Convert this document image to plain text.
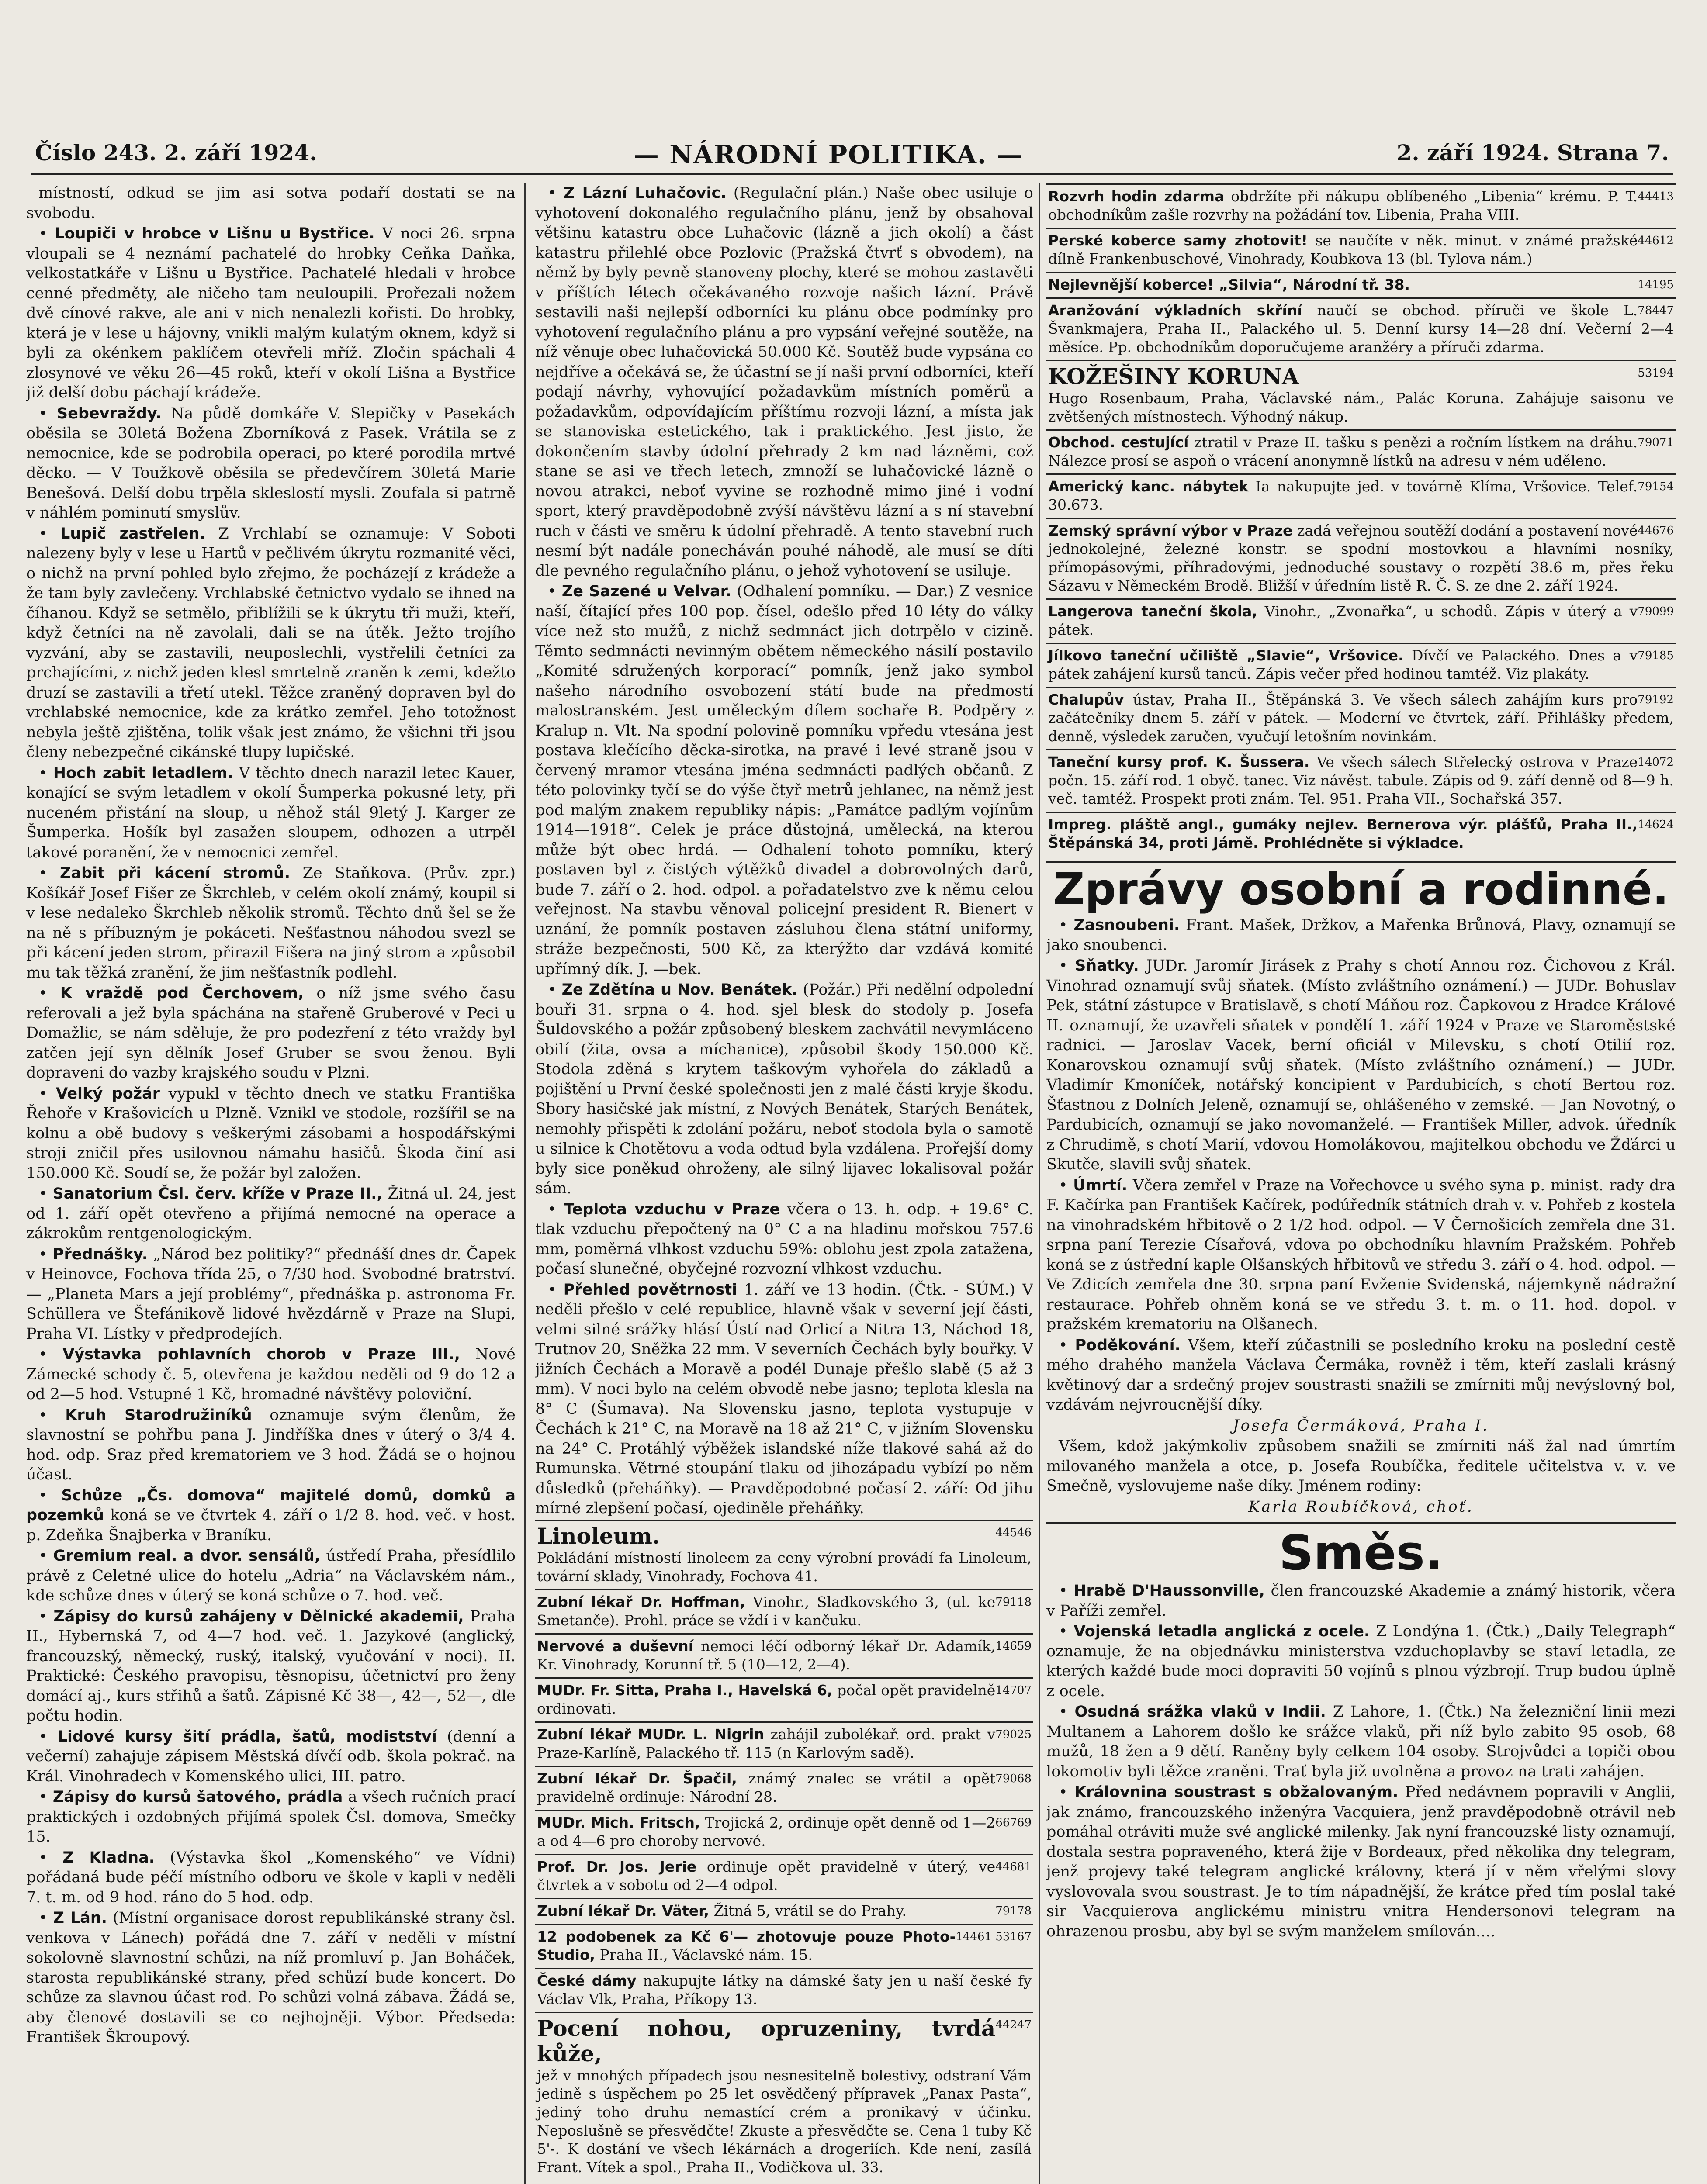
Číslo 243. 2. září 1924.	— NÁRODNÍ POLITIKA. —	2. září 1924. Strana 7.

místností, odkud se jim asi sotva podaří dostati se na svobodu.

• Loupiči v hrobce v Lišnu u Bystřice. V noci 26. srpna vloupali se 4 neznámí pachatelé do hrobky Ceňka Daňka, velkostatkáře v Lišnu u Bystřice. Pachatelé hledali v hrobce cenné předměty, ale ničeho tam neuloupili. Prořezali nožem dvě cínové rakve, ale ani v nich nenalezli kořisti. Do hrobky, která je v lese u hájovny, vnikli malým kulatým oknem, když si byli za okénkem paklíčem otevřeli mříž. Zločin spáchali 4 zlosynové ve věku 26—45 roků, kteří v okolí Lišna a Bystřice již delší dobu páchají krádeže.

• Sebevraždy. Na půdě domkáře V. Slepičky v Pasekách oběsila se 30letá Božena Zborníková z Pasek. Vrátila se z nemocnice, kde se podrobila operaci, po které porodila mrtvé děcko. — V Toužkově oběsila se předevčírem 30letá Marie Benešová. Delší dobu trpěla skleslostí mysli. Zoufala si patrně v náhlém pominutí smyslův.

• Lupič zastřelen. Z Vrchlabí se oznamuje: V Soboti nalezeny byly v lese u Hartů v pečlivém úkrytu rozmanité věci, o nichž na první pohled bylo zřejmo, že pocházejí z krádeže a že tam byly zavlečeny. Vrchlabské četnictvo vydalo se ihned na číhanou. Když se setmělo, přiblížili se k úkrytu tři muži, kteří, když četníci na ně zavolali, dali se na útěk. Ježto trojího vyzvání, aby se zastavili, neuposlechli, vystřelili četníci za prchajícími, z nichž jeden klesl smrtelně zraněn k zemi, kdežto druzí se zastavili a třetí utekl. Těžce zraněný dopraven byl do vrchlabské nemocnice, kde za krátko zemřel. Jeho totožnost nebyla ještě zjištěna, tolik však jest známo, že všichni tři jsou členy nebezpečné cikánské tlupy lupičské.

• Hoch zabit letadlem. V těchto dnech narazil letec Kauer, konající se svým letadlem v okolí Šumperka pokusné lety, při nuceném přistání na sloup, u něhož stál 9letý J. Karger ze Šumperka. Hošík byl zasažen sloupem, odhozen a utrpěl takové poranění, že v nemocnici zemřel.

• Zabit při kácení stromů. Ze Staňkova. (Prův. zpr.) Košíkář Josef Fišer ze Škrchleb, v celém okolí známý, koupil si v lese nedaleko Škrchleb několik stromů. Těchto dnů šel se že na ně s příbuzným je pokáceti. Nešťastnou náhodou svezl se při kácení jeden strom, přirazil Fišera na jiný strom a způsobil mu tak těžká zranění, že jim nešťastník podlehl.

• K vraždě pod Čerchovem, o níž jsme svého času referovali a jež byla spáchána na stařeně Gruberové v Peci u Domažlic, se nám sděluje, že pro podezření z této vraždy byl zatčen její syn dělník Josef Gruber se svou ženou. Byli dopraveni do vazby krajského soudu v Plzni.

• Velký požár vypukl v těchto dnech ve statku Františka Řehoře v Krašovicích u Plzně. Vznikl ve stodole, rozšířil se na kolnu a obě budovy s veškerými zásobami a hospodářskými stroji zničil přes usilovnou námahu hasičů. Škoda činí asi 150.000 Kč. Soudí se, že požár byl založen.

• Sanatorium Čsl. červ. kříže v Praze II., Žitná ul. 24, jest od 1. září opět otevřeno a přijímá nemocné na operace a zákrokům rentgenologickým.

• Přednášky. „Národ bez politiky?“ přednáší dnes dr. Čapek v Heinovce, Fochova třída 25, o 7/30 hod. Svobodné bratrství. — „Planeta Mars a její problémy“, přednáška p. astronoma Fr. Schüllera ve Štefánikově lidové hvězdárně v Praze na Slupi, Praha VI. Lístky v předprodejích.

• Výstavka pohlavních chorob v Praze III., Nové Zámecké schody č. 5, otevřena je každou neděli od 9 do 12 a od 2—5 hod. Vstupné 1 Kč, hromadné návštěvy poloviční.

• Kruh Starodružiníků oznamuje svým členům, že slavnostní se pohřbu pana J. Jindříška dnes v úterý o 3/4 4. hod. odp. Sraz před krematoriem ve 3 hod. Žádá se o hojnou účast.

• Schůze „Čs. domova“ majitelé domů, domků a pozemků koná se ve čtvrtek 4. září o 1/2 8. hod. več. v host. p. Zdeňka Šnajberka v Braníku.

• Gremium real. a dvor. sensálů, ústředí Praha, přesídlilo právě z Celetné ulice do hotelu „Adria“ na Václavském nám., kde schůze dnes v úterý se koná schůze o 7. hod. več.

• Zápisy do kursů zahájeny v Dělnické akademii, Praha II., Hybernská 7, od 4—7 hod. več. 1. Jazykové (anglický, francouzský, německý, ruský, italský, vyučování v noci). II. Praktické: Českého pravopisu, těsnopisu, účetnictví pro ženy domácí aj., kurs střihů a šatů. Zápisné Kč 38—, 42—, 52—, dle počtu hodin.

• Lidové kursy šití prádla, šatů, modistství (denní a večerní) zahajuje zápisem Městská dívčí odb. škola pokrač. na Král. Vinohradech v Komenského ulici, III. patro.

• Zápisy do kursů šatového, prádla a všech ručních prací praktických i ozdobných přijímá spolek Čsl. domova, Smečky 15.

• Z Kladna. (Výstavka škol „Komenského“ ve Vídni) pořádaná bude péčí místního odboru ve škole v kapli v neděli 7. t. m. od 9 hod. ráno do 5 hod. odp.

• Z Lán. (Místní organisace dorost republikánské strany čsl. venkova v Lánech) pořádá dne 7. září v neděli v místní sokolovně slavnostní schůzi, na níž promluví p. Jan Boháček, starosta republikánské strany, před schůzí bude koncert. Do schůze za slavnou účast rod. Po schůzi volná zábava. Žádá se, aby členové dostavili se co nejhojněji. Výbor. Předseda: František Škroupový.

• Z Lázní Luhačovic. (Regulační plán.) Naše obec usiluje o vyhotovení dokonalého regulačního plánu, jenž by obsahoval většinu katastru obce Luhačovic (lázně a jich okolí) a část katastru přilehlé obce Pozlovic (Pražská čtvrť s obvodem), na němž by byly pevně stanoveny plochy, které se mohou zastavěti v příštích létech očekávaného rozvoje našich lázní. Právě sestavili naši nejlepší odborníci ku plánu obce podmínky pro vyhotovení regulačního plánu a pro vypsání veřejné soutěže, na níž věnuje obec luhačovická 50.000 Kč. Soutěž bude vypsána co nejdříve a očekává se, že účastní se jí naši první odborníci, kteří podají návrhy, vyhovující požadavkům místních poměrů a požadavkům, odpovídajícím příštímu rozvoji lázní, a místa jak se stanoviska estetického, tak i praktického. Jest jisto, že dokončením stavby údolní přehrady 2 km nad lázněmi, což stane se asi ve třech letech, zmnoží se luhačovické lázně o novou atrakci, neboť vyvine se rozhodně mimo jiné i vodní sport, který pravděpodobně zvýší návštěvu lázní a s ní stavební ruch v části ve směru k údolní přehradě. A tento stavební ruch nesmí být nadále ponecháván pouhé náhodě, ale musí se díti dle pevného regulačního plánu, o jehož vyhotovení se usiluje.

• Ze Sazené u Velvar. (Odhalení pomníku. — Dar.) Z vesnice naší, čítající přes 100 pop. čísel, odešlo před 10 léty do války více než sto mužů, z nichž sedmnáct jich dotrpělo v cizině. Těmto sedmnácti nevinným obětem německého násilí postavilo „Komité sdružených korporací“ pomník, jenž jako symbol našeho národního osvobození státí bude na předmostí malostranském. Jest uměleckým dílem sochaře B. Podpěry z Kralup n. Vlt. Na spodní polovině pomníku vpředu vtesána jest postava klečícího děcka-sirotka, na pravé i levé straně jsou v červený mramor vtesána jména sedmnácti padlých občanů. Z této polovinky tyčí se do výše čtyř metrů jehlanec, na němž jest pod malým znakem republiky nápis: „Památce padlým vojínům 1914—1918“. Celek je práce důstojná, umělecká, na kterou může být obec hrdá. — Odhalení tohoto pomníku, který postaven byl z čistých výtěžků divadel a dobrovolných darů, bude 7. září o 2. hod. odpol. a pořadatelstvo zve k němu celou veřejnost. Na stavbu věnoval policejní president R. Bienert v uznání, že pomník postaven zásluhou člena státní uniformy, stráže bezpečnosti, 500 Kč, za kterýžto dar vzdává komité upřímný dík. J. —bek.

• Ze Zdětína u Nov. Benátek. (Požár.) Při nedělní odpolední bouři 31. srpna o 4. hod. sjel blesk do stodoly p. Josefa Šuldovského a požár způsobený bleskem zachvátil nevymláceno obilí (žita, ovsa a míchanice), způsobil škody 150.000 Kč. Stodola zděná s krytem taškovým vyhořela do základů a pojištění u První české společnosti jen z malé části kryje škodu. Sbory hasičské jak místní, z Nových Benátek, Starých Benátek, nemohly přispěti k zdolání požáru, neboť stodola byla o samotě u silnice k Chotětovu a voda odtud byla vzdálena. Prořejší domy byly sice poněkud ohroženy, ale silný lijavec lokalisoval požár sám.

• Teplota vzduchu v Praze včera o 13. h. odp. + 19.6° C. tlak vzduchu přepočtený na 0° C a na hladinu mořskou 757.6 mm, poměrná vlhkost vzduchu 59%: oblohu jest zpola zatažena, počasí slunečné, obyčejné rozvozní vlhkost vzduchu.

• Přehled povětrnosti 1. září ve 13 hodin. (Čtk. - SÚM.) V neděli přešlo v celé republice, hlavně však v severní její části, velmi silné srážky hlásí Ústí nad Orlicí a Nitra 13, Náchod 18, Trutnov 20, Sněžka 22 mm. V severních Čechách byly bouřky. V jižních Čechách a Moravě a podél Dunaje přešlo slabě (5 až 3 mm). V noci bylo na celém obvodě nebe jasno; teplota klesla na 8° C (Šumava). Na Slovensku jasno, teplota vystupuje v Čechách k 21° C, na Moravě na 18 až 21° C, v jižním Slovensku na 24° C. Protáhlý výběžek islandské níže tlakové sahá až do Rumunska. Větrné stoupání tlaku od jihozápadu vybízí po něm důsledků (přeháňky). — Pravděpodobné počasí 2. září: Od jihu mírné zlepšení počasí, ojediněle přeháňky.

44546
Linoleum.
Pokládání místností linoleem za ceny výrobní provádí fa Linoleum, tovární sklady, Vinohrady, Fochova 41.
79118
Zubní lékař Dr. Hoffman, Vinohr., Sladkovského 3, (ul. ke Smetanče). Prohl. práce se vždí i v kančuku.
14659
Nervové a duševní nemoci léčí odborný lékař Dr. Adamík, Kr. Vinohrady, Korunní tř. 5 (10—12, 2—4).
14707
MUDr. Fr. Sitta, Praha I., Havelská 6, počal opět pravidelně ordinovati.
79025
Zubní lékař MUDr. L. Nigrin zahájil zubolékař. ord. prakt v Praze-Karlíně, Palackého tř. 115 (n Karlovým sadě).
79068
Zubní lékař Dr. Špačil, známý znalec se vrátil a opět pravidelně ordinuje: Národní 28.
66769
MUDr. Mich. Fritsch, Trojická 2, ordinuje opět denně od 1—2 a od 4—6 pro choroby nervové.
44681
Prof. Dr. Jos. Jerie ordinuje opět pravidelně v úterý, ve čtvrtek a v sobotu od 2—4 odpol.
79178
Zubní lékař Dr. Väter, Žitná 5, vrátil se do Prahy.
14461 53167
12 podobenek za Kč 6'— zhotovuje pouze Photo-Studio, Praha II., Václavské nám. 15.
České dámy nakupujte látky na dámské šaty jen u naší české fy Václav Vlk, Praha, Příkopy 13.
44247
Pocení nohou, opruzeniny, tvrdá kůže,
jež v mnohých případech jsou nesnesitelně bolestivy, odstraní Vám jedině s úspěchem po 25 let osvědčený přípravek „Panax Pasta“, jediný toho druhu nemastící crém a pronikavý v účinku. Neposlušně se přesvědčte! Zkuste a přesvědčte se. Cena 1 tuby Kč 5'-. K dostání ve všech lékárnách a drogeriích. Kde není, zasílá Frant. Vítek a spol., Praha II., Vodičkova ul. 33.
44413
Rozvrh hodin zdarma obdržíte při nákupu oblíbeného „Libenia“ krému. P. T. obchodníkům zašle rozvrhy na požádání tov. Libenia, Praha VIII.
44612
Perské koberce samy zhotovit! se naučíte v něk. minut. v známé pražské dílně Frankenbuschové, Vinohrady, Koubkova 13 (bl. Tylova nám.)
14195
Nejlevnější koberce! „Silvia“, Národní tř. 38.
78447
Aranžování výkladních skříní naučí se obchod. příruči ve škole L. Švankmajera, Praha II., Palackého ul. 5. Denní kursy 14—28 dní. Večerní 2—4 měsíce. Pp. obchodníkům doporučujeme aranžéry a příruči zdarma.
53194
KOŽEŠINY KORUNA
Hugo Rosenbaum, Praha, Václavské nám., Palác Koruna. Zahájuje saisonu ve zvětšených místnostech. Výhodný nákup.
79071
Obchod. cestující ztratil v Praze II. tašku s penězi a ročním lístkem na dráhu. Nálezce prosí se aspoň o vrácení anonymně lístků na adresu v ném uděleno.
79154
Americký kanc. nábytek Ia nakupujte jed. v továrně Klíma, Vršovice. Telef. 30.673.
44676
Zemský správní výbor v Praze zadá veřejnou soutěží dodání a postavení nové jednokolejné, železné konstr. se spodní mostovkou a hlavními nosníky, přímopásovými, příhradovými, jednoduché soustavy o rozpětí 38.6 m, přes řeku Sázavu v Německém Brodě. Bližší v úředním listě R. Č. S. ze dne 2. září 1924.
79099
Langerova taneční škola, Vinohr., „Zvonařka“, u schodů. Zápis v úterý a v pátek.
79185
Jílkovo taneční učiliště „Slavie“, Vršovice. Dívčí ve Palackého. Dnes a v pátek zahájení kursů tanců. Zápis večer před hodinou tamtéž. Viz plakáty.
79192
Chalupův ústav, Praha II., Štěpánská 3. Ve všech sálech zahájím kurs pro začátečníky dnem 5. září v pátek. — Moderní ve čtvrtek, září. Přihlášky předem, denně, výsledek zaručen, vyučují letošním novinkám.
14072
Taneční kursy prof. K. Šussera. Ve všech sálech Střelecký ostrova v Praze počn. 15. září rod. 1 obyč. tanec. Viz návěst. tabule. Zápis od 9. září denně od 8—9 h. več. tamtéž. Prospekt proti znám. Tel. 951. Praha VII., Sochařská 357.
14624
Impreg. pláště angl., gumáky nejlev. Bernerova výr. plášťů, Praha II., Štěpánská 34, proti Jámě. Prohlédněte si výkladce.
Zprávy osobní a rodinné.

• Zasnoubeni. Frant. Mašek, Držkov, a Mařenka Brůnová, Plavy, oznamují se jako snoubenci.

• Sňatky. JUDr. Jaromír Jirásek z Prahy s chotí Annou roz. Čichovou z Král. Vinohrad oznamují svůj sňatek. (Místo zvláštního oznámení.) — JUDr. Bohuslav Pek, státní zástupce v Bratislavě, s chotí Máňou roz. Čapkovou z Hradce Králové II. oznamují, že uzavřeli sňatek v pondělí 1. září 1924 v Praze ve Staroměstské radnici. — Jaroslav Vacek, berní oficiál v Milevsku, s chotí Otilií roz. Konarovskou oznamují svůj sňatek. (Místo zvláštního oznámení.) — JUDr. Vladimír Kmoníček, notářský koncipient v Pardubicích, s chotí Bertou roz. Šťastnou z Dolních Jeleně, oznamují se, ohlášeného v zemské. — Jan Novotný, o Pardubicích, oznamují se jako novomanželé. — František Miller, advok. úředník z Chrudimě, s chotí Marií, vdovou Homolákovou, majitelkou obchodu ve Žďárci u Skutče, slavili svůj sňatek.

• Úmrtí. Včera zemřel v Praze na Vořechovce u svého syna p. minist. rady dra F. Kačírka pan František Kačírek, podúředník státních drah v. v. Pohřeb z kostela na vinohradském hřbitově o 2 1/2 hod. odpol. — V Černošicích zemřela dne 31. srpna paní Terezie Císařová, vdova po obchodníku hlavním Pražském. Pohřeb koná se z ústřední kaple Olšanských hřbitovů ve středu 3. září o 4. hod. odpol. — Ve Zdicích zemřela dne 30. srpna paní Evženie Svidenská, nájemkyně nádražní restaurace. Pohřeb ohněm koná se ve středu 3. t. m. o 11. hod. dopol. v pražském krematoriu na Olšanech.

• Poděkování. Všem, kteří zúčastnili se posledního kroku na poslední cestě mého drahého manžela Václava Čermáka, rovněž i těm, kteří zaslali krásný květinový dar a srdečný projev soustrasti snažili se zmírniti můj nevýslovný bol, vzdávám nejvroucnější díky.

Josefa Čermáková, Praha I.

Všem, kdož jakýmkoliv způsobem snažili se zmírniti náš žal nad úmrtím milovaného manžela a otce, p. Josefa Roubíčka, ředitele učitelstva v. v. ve Smečně, vyslovujeme naše díky. Jménem rodiny:

Karla Roubíčková, choť.

Směs.

• Hrabě D'Haussonville, člen francouzské Akademie a známý historik, včera v Paříži zemřel.

• Vojenská letadla anglická z ocele. Z Londýna 1. (Čtk.) „Daily Telegraph“ oznamuje, že na objednávku ministerstva vzduchoplavby se staví letadla, ze kterých každé bude moci dopraviti 50 vojínů s plnou výzbrojí. Trup budou úplně z ocele.

• Osudná srážka vlaků v Indii. Z Lahore, 1. (Čtk.) Na železniční linii mezi Multanem a Lahorem došlo ke srážce vlaků, při níž bylo zabito 95 osob, 68 mužů, 18 žen a 9 dětí. Raněny byly celkem 104 osoby. Strojvůdci a topiči obou lokomotiv byli těžce zraněni. Trať byla již uvolněna a provoz na trati zahájen.

• Královnina soustrast s obžalovaným. Před nedávnem popravili v Anglii, jak známo, francouzského inženýra Vacquiera, jenž pravděpodobně otrávil neb pomáhal otráviti muže své anglické milenky. Jak nyní francouzské listy oznamují, dostala sestra popraveného, která žije v Bordeaux, před několika dny telegram, jenž projevy také telegram anglické královny, která jí v něm vřelými slovy vyslovovala svou soustrast. Je to tím nápadnější, že krátce před tím poslal také sir Vacquierova anglickému ministru vnitra Hendersonovi telegram na ohrazenou prosbu, aby byl se svým manželem smílován....
